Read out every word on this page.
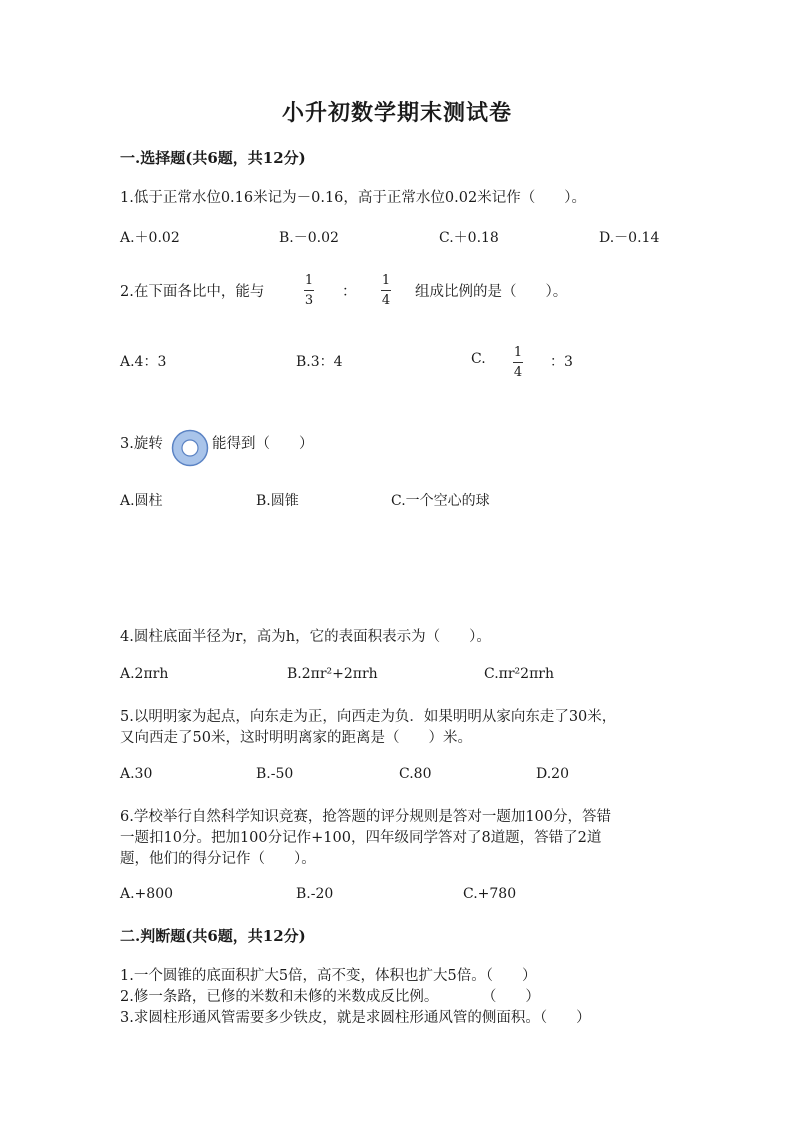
小升初数学期末测试卷
一.选择题(共6题，共12分)
1.低于正常水位0.16米记为－0.16，高于正常水位0.02米记作（　　）。
A.＋0.02	B.－0.02	C.＋0.18	D.－0.14
2.在下面各比中，能与
1
3
：
1
4
组成比例的是（　　）。
A.4：3	B.3：4	C. 1
4
：3
3.旋转	能得到（　　）
A.圆柱	B.圆锥	C.一个空心的球
4.圆柱底面半径为r，高为h，它的表面积表示为（　　）。
A.2πrh	B.2πr²+2πrh	C.πr²2πrh
5.以明明家为起点，向东走为正，向西走为负．如果明明从家向东走了30米，
又向西走了50米，这时明明离家的距离是（　　）米。
A.30	B.-50	C.80	D.20
6.学校举行自然科学知识竞赛，抢答题的评分规则是答对一题加100分，答错
一题扣10分。把加100分记作+100，四年级同学答对了8道题，答错了2道
题，他们的得分记作（　　）。
A.+800	B.-20	C.+780
二.判断题(共6题，共12分)
1.一个圆锥的底面积扩大5倍，高不变，体积也扩大5倍。（　　）
2.修一条路，已修的米数和未修的米数成反比例。　　　　（　　）
3.求圆柱形通风管需要多少铁皮，就是求圆柱形通风管的侧面积。（　　）
